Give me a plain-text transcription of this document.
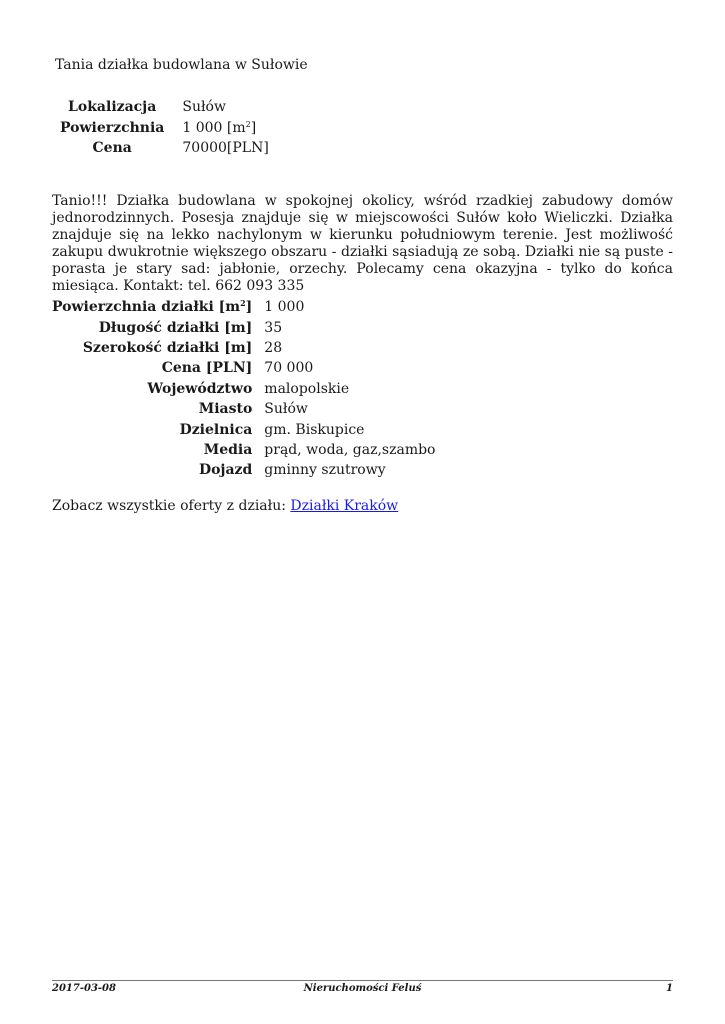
Tania działka budowlana w Sułowie
Lokalizacja	Sułów
Powierzchnia	1 000 $[m^2]$
Cena	70000[PLN]
Tanio!!! Działka budowlana w spokojnej okolicy, wśród rzadkiej zabudowy domów jednorodzinnych. Posesja znajduje się w miejscowości Sułów koło Wieliczki. Działka znajduje się na lekko nachylonym w kierunku południowym terenie. Jest możliwość zakupu dwukrotnie większego obszaru - działki sąsiadują ze sobą. Działki nie są puste - porasta je stary sad: jabłonie, orzechy. Polecamy cena okazyjna - tylko do końca miesiąca. Kontakt: tel. 662 093 335
Powierzchnia działki $[m^2]$	1 000
Długość działki [m]	35
Szerokość działki [m]	28
Cena [PLN]	70 000
Województwo	malopolskie
Miasto	Sułów
Dzielnica	gm. Biskupice
Media	prąd, woda, gaz,szambo
Dojazd	gminny szutrowy
Zobacz wszystkie oferty z działu: Działki Kraków
2017-03-08	Nieruchomości Feluś	1
